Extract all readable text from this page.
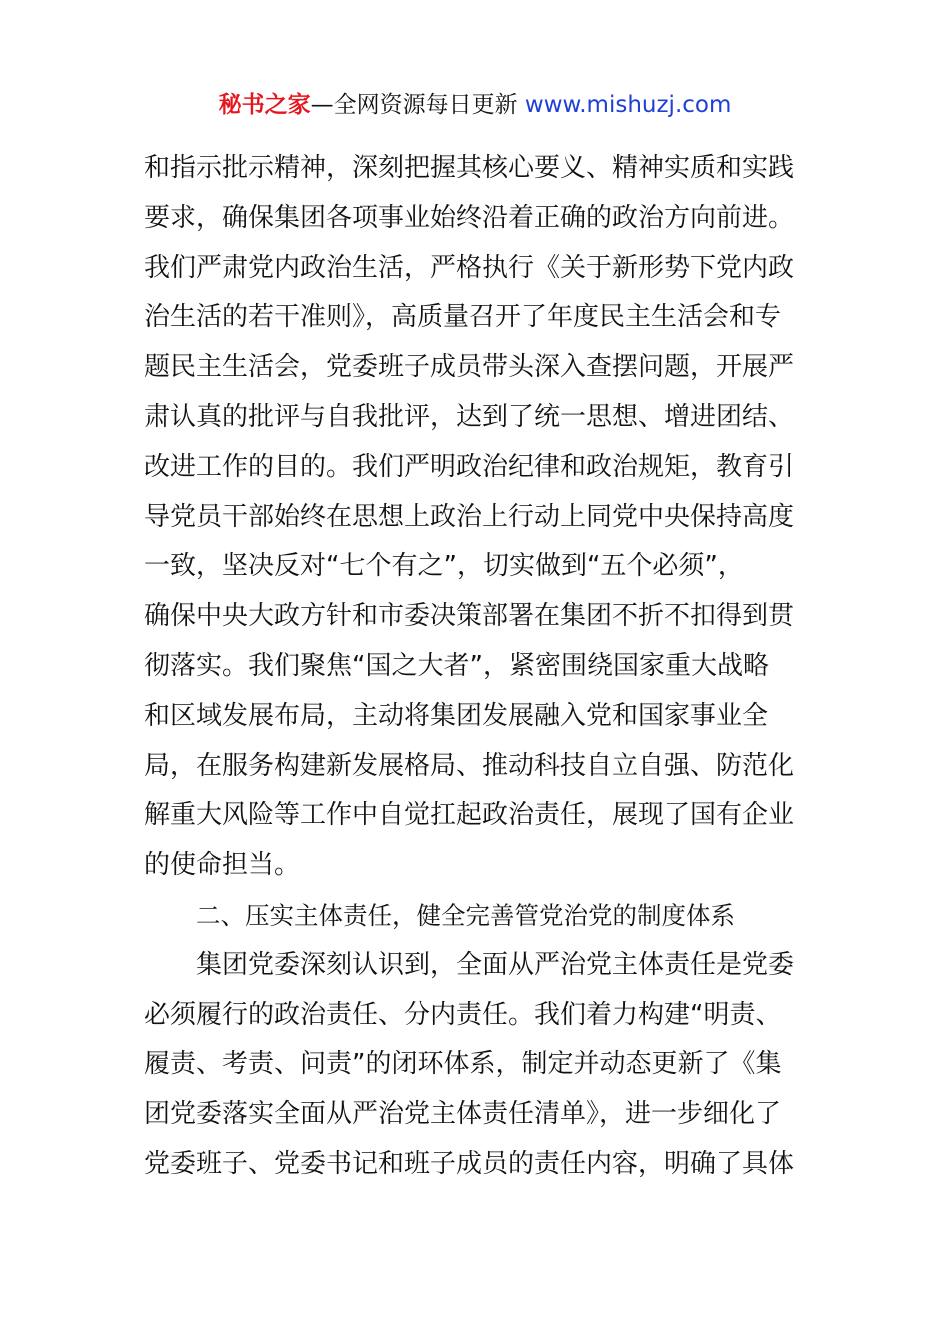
秘书之家—全网资源每日更新 www.mishuzj.com
和指示批示精神，深刻把握其核心要义、精神实质和实践
要求，确保集团各项事业始终沿着正确的政治方向前进。
我们严肃党内政治生活，严格执行《关于新形势下党内政
治生活的若干准则》，高质量召开了年度民主生活会和专
题民主生活会，党委班子成员带头深入查摆问题，开展严
肃认真的批评与自我批评，达到了统一思想、增进团结、
改进工作的目的。我们严明政治纪律和政治规矩，教育引
导党员干部始终在思想上政治上行动上同党中央保持高度
一致，坚决反对“七个有之”，切实做到“五个必须”，
确保中央大政方针和市委决策部署在集团不折不扣得到贯
彻落实。我们聚焦“国之大者”，紧密围绕国家重大战略
和区域发展布局，主动将集团发展融入党和国家事业全
局，在服务构建新发展格局、推动科技自立自强、防范化
解重大风险等工作中自觉扛起政治责任，展现了国有企业
的使命担当。
二、压实主体责任，健全完善管党治党的制度体系
集团党委深刻认识到，全面从严治党主体责任是党委
必须履行的政治责任、分内责任。我们着力构建“明责、
履责、考责、问责”的闭环体系，制定并动态更新了《集
团党委落实全面从严治党主体责任清单》，进一步细化了
党委班子、党委书记和班子成员的责任内容，明确了具体
